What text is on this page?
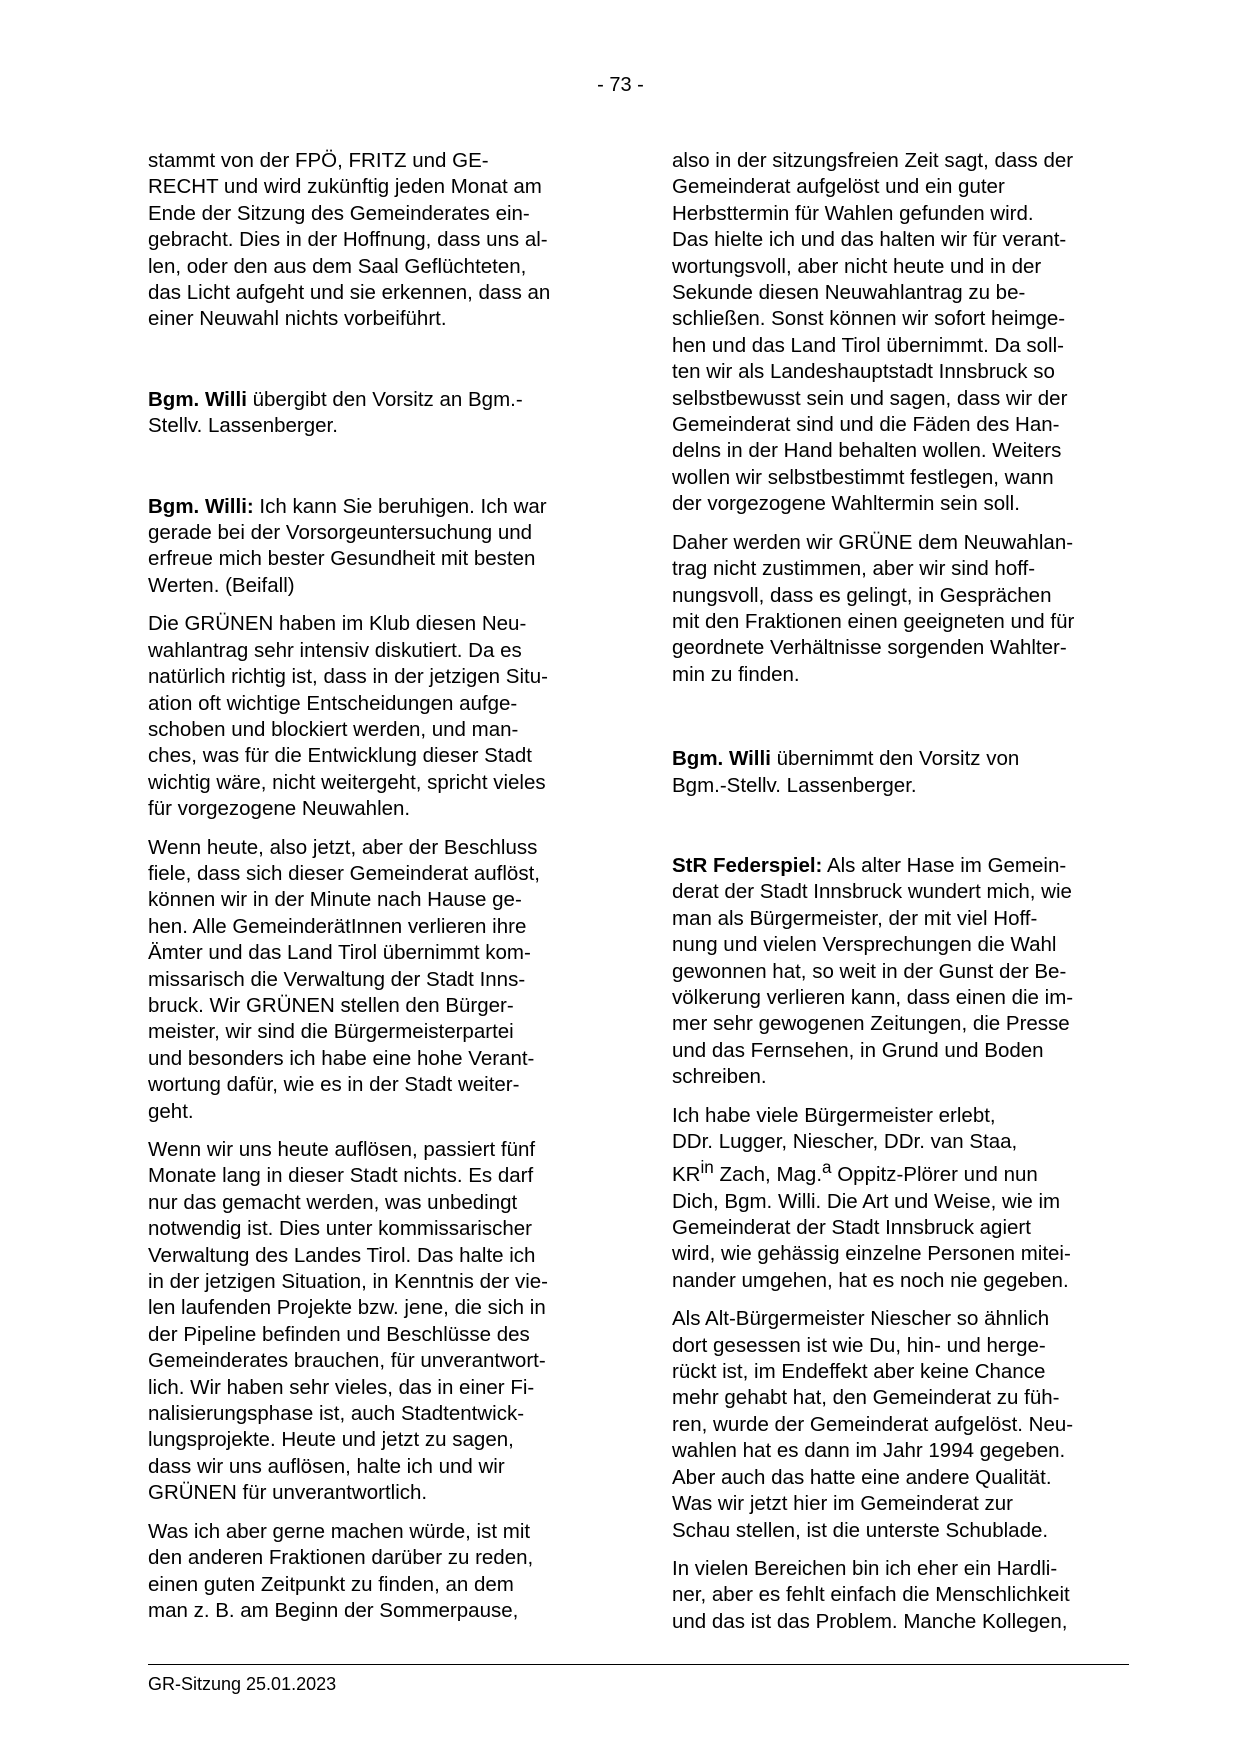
- 73 -

stammt von der FPÖ, FRITZ und GE-
RECHT und wird zukünftig jeden Monat am
Ende der Sitzung des Gemeinderates ein-
gebracht. Dies in der Hoffnung, dass uns al-
len, oder den aus dem Saal Geflüchteten,
das Licht aufgeht und sie erkennen, dass an
einer Neuwahl nichts vorbeiführt.

Bgm. Willi übergibt den Vorsitz an Bgm.-
Stellv. Lassenberger.

Bgm. Willi: Ich kann Sie beruhigen. Ich war
gerade bei der Vorsorgeuntersuchung und
erfreue mich bester Gesundheit mit besten
Werten. (Beifall)

Die GRÜNEN haben im Klub diesen Neu-
wahlantrag sehr intensiv diskutiert. Da es
natürlich richtig ist, dass in der jetzigen Situ-
ation oft wichtige Entscheidungen aufge-
schoben und blockiert werden, und man-
ches, was für die Entwicklung dieser Stadt
wichtig wäre, nicht weitergeht, spricht vieles
für vorgezogene Neuwahlen.

Wenn heute, also jetzt, aber der Beschluss
fiele, dass sich dieser Gemeinderat auflöst,
können wir in der Minute nach Hause ge-
hen. Alle GemeinderätInnen verlieren ihre
Ämter und das Land Tirol übernimmt kom-
missarisch die Verwaltung der Stadt Inns-
bruck. Wir GRÜNEN stellen den Bürger-
meister, wir sind die Bürgermeisterpartei
und besonders ich habe eine hohe Verant-
wortung dafür, wie es in der Stadt weiter-
geht.

Wenn wir uns heute auflösen, passiert fünf
Monate lang in dieser Stadt nichts. Es darf
nur das gemacht werden, was unbedingt
notwendig ist. Dies unter kommissarischer
Verwaltung des Landes Tirol. Das halte ich
in der jetzigen Situation, in Kenntnis der vie-
len laufenden Projekte bzw. jene, die sich in
der Pipeline befinden und Beschlüsse des
Gemeinderates brauchen, für unverantwort-
lich. Wir haben sehr vieles, das in einer Fi-
nalisierungsphase ist, auch Stadtentwick-
lungsprojekte. Heute und jetzt zu sagen,
dass wir uns auflösen, halte ich und wir
GRÜNEN für unverantwortlich.

Was ich aber gerne machen würde, ist mit
den anderen Fraktionen darüber zu reden,
einen guten Zeitpunkt zu finden, an dem
man z. B. am Beginn der Sommerpause,

also in der sitzungsfreien Zeit sagt, dass der
Gemeinderat aufgelöst und ein guter
Herbsttermin für Wahlen gefunden wird.
Das hielte ich und das halten wir für verant-
wortungsvoll, aber nicht heute und in der
Sekunde diesen Neuwahlantrag zu be-
schließen. Sonst können wir sofort heimge-
hen und das Land Tirol übernimmt. Da soll-
ten wir als Landeshauptstadt Innsbruck so
selbstbewusst sein und sagen, dass wir der
Gemeinderat sind und die Fäden des Han-
delns in der Hand behalten wollen. Weiters
wollen wir selbstbestimmt festlegen, wann
der vorgezogene Wahltermin sein soll.

Daher werden wir GRÜNE dem Neuwahlan-
trag nicht zustimmen, aber wir sind hoff-
nungsvoll, dass es gelingt, in Gesprächen
mit den Fraktionen einen geeigneten und für
geordnete Verhältnisse sorgenden Wahlter-
min zu finden.

Bgm. Willi übernimmt den Vorsitz von
Bgm.-Stellv. Lassenberger.

StR Federspiel: Als alter Hase im Gemein-
derat der Stadt Innsbruck wundert mich, wie
man als Bürgermeister, der mit viel Hoff-
nung und vielen Versprechungen die Wahl
gewonnen hat, so weit in der Gunst der Be-
völkerung verlieren kann, dass einen die im-
mer sehr gewogenen Zeitungen, die Presse
und das Fernsehen, in Grund und Boden
schreiben.

Ich habe viele Bürgermeister erlebt,
DDr. Lugger, Niescher, DDr. van Staa,
$KR^{in}$ Zach, Mag.$^a$ Oppitz-Plörer und nun
Dich, Bgm. Willi. Die Art und Weise, wie im
Gemeinderat der Stadt Innsbruck agiert
wird, wie gehässig einzelne Personen mitei-
nander umgehen, hat es noch nie gegeben.

Als Alt-Bürgermeister Niescher so ähnlich
dort gesessen ist wie Du, hin- und herge-
rückt ist, im Endeffekt aber keine Chance
mehr gehabt hat, den Gemeinderat zu füh-
ren, wurde der Gemeinderat aufgelöst. Neu-
wahlen hat es dann im Jahr 1994 gegeben.
Aber auch das hatte eine andere Qualität.
Was wir jetzt hier im Gemeinderat zur
Schau stellen, ist die unterste Schublade.

In vielen Bereichen bin ich eher ein Hardli-
ner, aber es fehlt einfach die Menschlichkeit
und das ist das Problem. Manche Kollegen,

GR-Sitzung 25.01.2023
